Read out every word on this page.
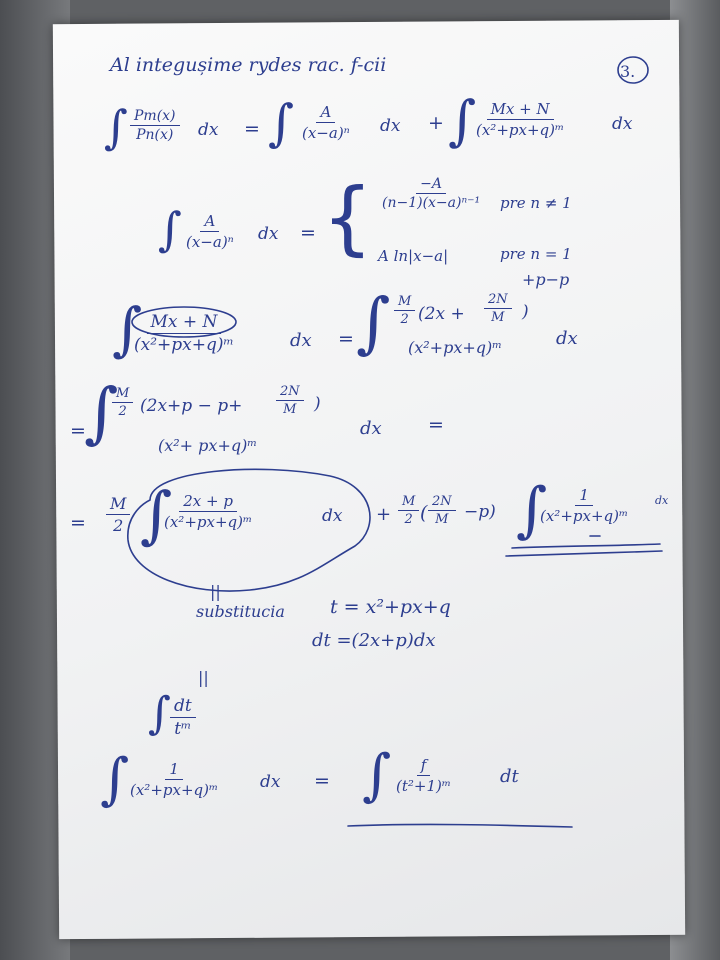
Al integușime rydes rac. f-cii	3.
∫ $\frac{Pm(x)}{Pn(x)}$ dx = ∫ $\frac{A}{\text{(x−a)ⁿ}}$ dx + ∫
$\frac{Mx + N}{\text{(x²+px+q)ᵐ}}$	dx
∫ $\frac{A}{\text{(x−a)ⁿ}}$ dx = { $\frac{-A}{\text{(n−1)(x−a)ⁿ⁻¹}}$ pre n ≠ 1
A ln|x−a|	pre n = 1
+p−p
∫
$\frac{Mx + N}{\text{(x²+px+q)ᵐ}}$	dx = ∫ $\frac{M}{2} (2x + \frac{2N}{M}$ )
(x²+px+q)ᵐ	dx
=
∫
$\frac{M}{2} (2x+p - p+$	$\frac{2N}{M}$ )
(x²+ px+q)ᵐ
dx =
= $\frac{M}{2}$ ∫
$\frac{2x + p}{\text{(x²+px+q)ᵐ}}$	dx + $\frac{M}{2}$ ( $\frac{2N}{M} -p$) ∫
$\frac{1}{\text{(x²+px+q)ᵐ}}$ dx
||
substitucia t = x²+px+q
dt =(2x+p)dx
||
∫ $\frac{dt}{\text{tᵐ}}$
∫
$\frac{1}{\text{(x²+px+q)ᵐ}}$ dx = ∫ $\frac{f}{\text{(t²+1)ᵐ}}$ dt
